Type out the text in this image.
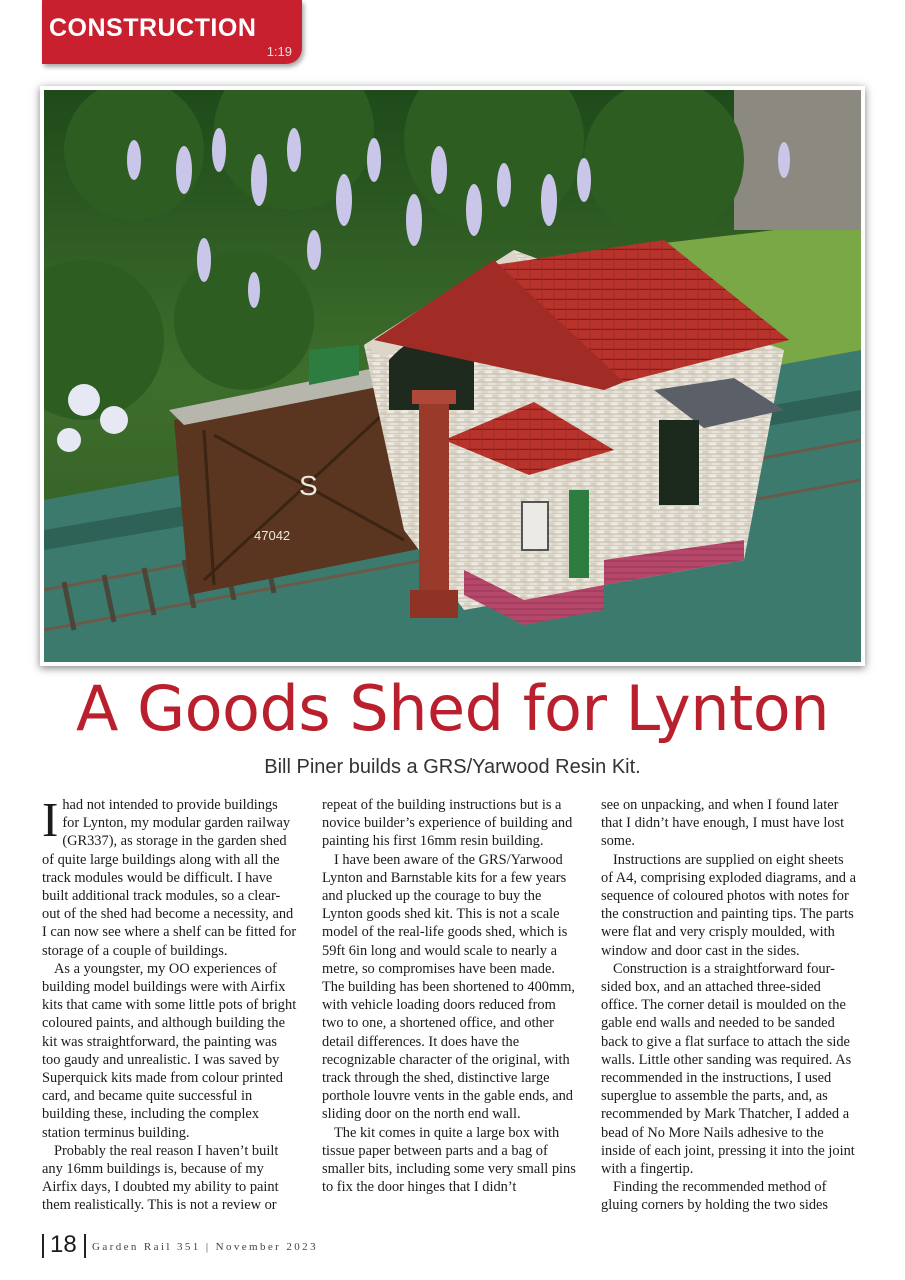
CONSTRUCTION
1:19
S
47042
A Goods Shed for Lynton

Bill Piner builds a GRS/Yarwood Resin Kit.

Ihad not intended to provide buildings for Lynton, my modular garden railway (GR337), as storage in the garden shed of quite large buildings along with all the track modules would be difficult. I have built additional track modules, so a clear-out of the shed had become a necessity, and I can now see where a shelf can be fitted for storage of a couple of buildings.

As a youngster, my OO experiences of building model buildings were with Airfix kits that came with some little pots of bright coloured paints, and although building the kit was straightforward, the painting was too gaudy and unrealistic. I was saved by Superquick kits made from colour printed card, and became quite successful in building these, including the complex station terminus building.

Probably the real reason I haven’t built any 16mm buildings is, because of my Airfix days, I doubted my ability to paint them realistically. This is not a review or

repeat of the building instructions but is a novice builder’s experience of building and painting his first 16mm resin building.

I have been aware of the GRS/Yarwood Lynton and Barnstable kits for a few years and plucked up the courage to buy the Lynton goods shed kit. This is not a scale model of the real-life goods shed, which is 59ft 6in long and would scale to nearly a metre, so compromises have been made. The building has been shortened to 400mm, with vehicle loading doors reduced from two to one, a shortened office, and other detail differences. It does have the recognizable character of the original, with track through the shed, distinctive large porthole louvre vents in the gable ends, and sliding door on the north end wall.

The kit comes in quite a large box with tissue paper between parts and a bag of smaller bits, including some very small pins to fix the door hinges that I didn’t

see on unpacking, and when I found later that I didn’t have enough, I must have lost some.

Instructions are supplied on eight sheets of A4, comprising exploded diagrams, and a sequence of coloured photos with notes for the construction and painting tips. The parts were flat and very crisply moulded, with window and door cast in the sides.

Construction is a straightforward four-sided box, and an attached three-sided office. The corner detail is moulded on the gable end walls and needed to be sanded back to give a flat surface to attach the side walls. Little other sanding was required. As recommended in the instructions, I used superglue to assemble the parts, and, as recommended by Mark Thatcher, I added a bead of No More Nails adhesive to the inside of each joint, pressing it into the joint with a fingertip.

Finding the recommended method of gluing corners by holding the two sides

18 Garden Rail 351 | November 2023
